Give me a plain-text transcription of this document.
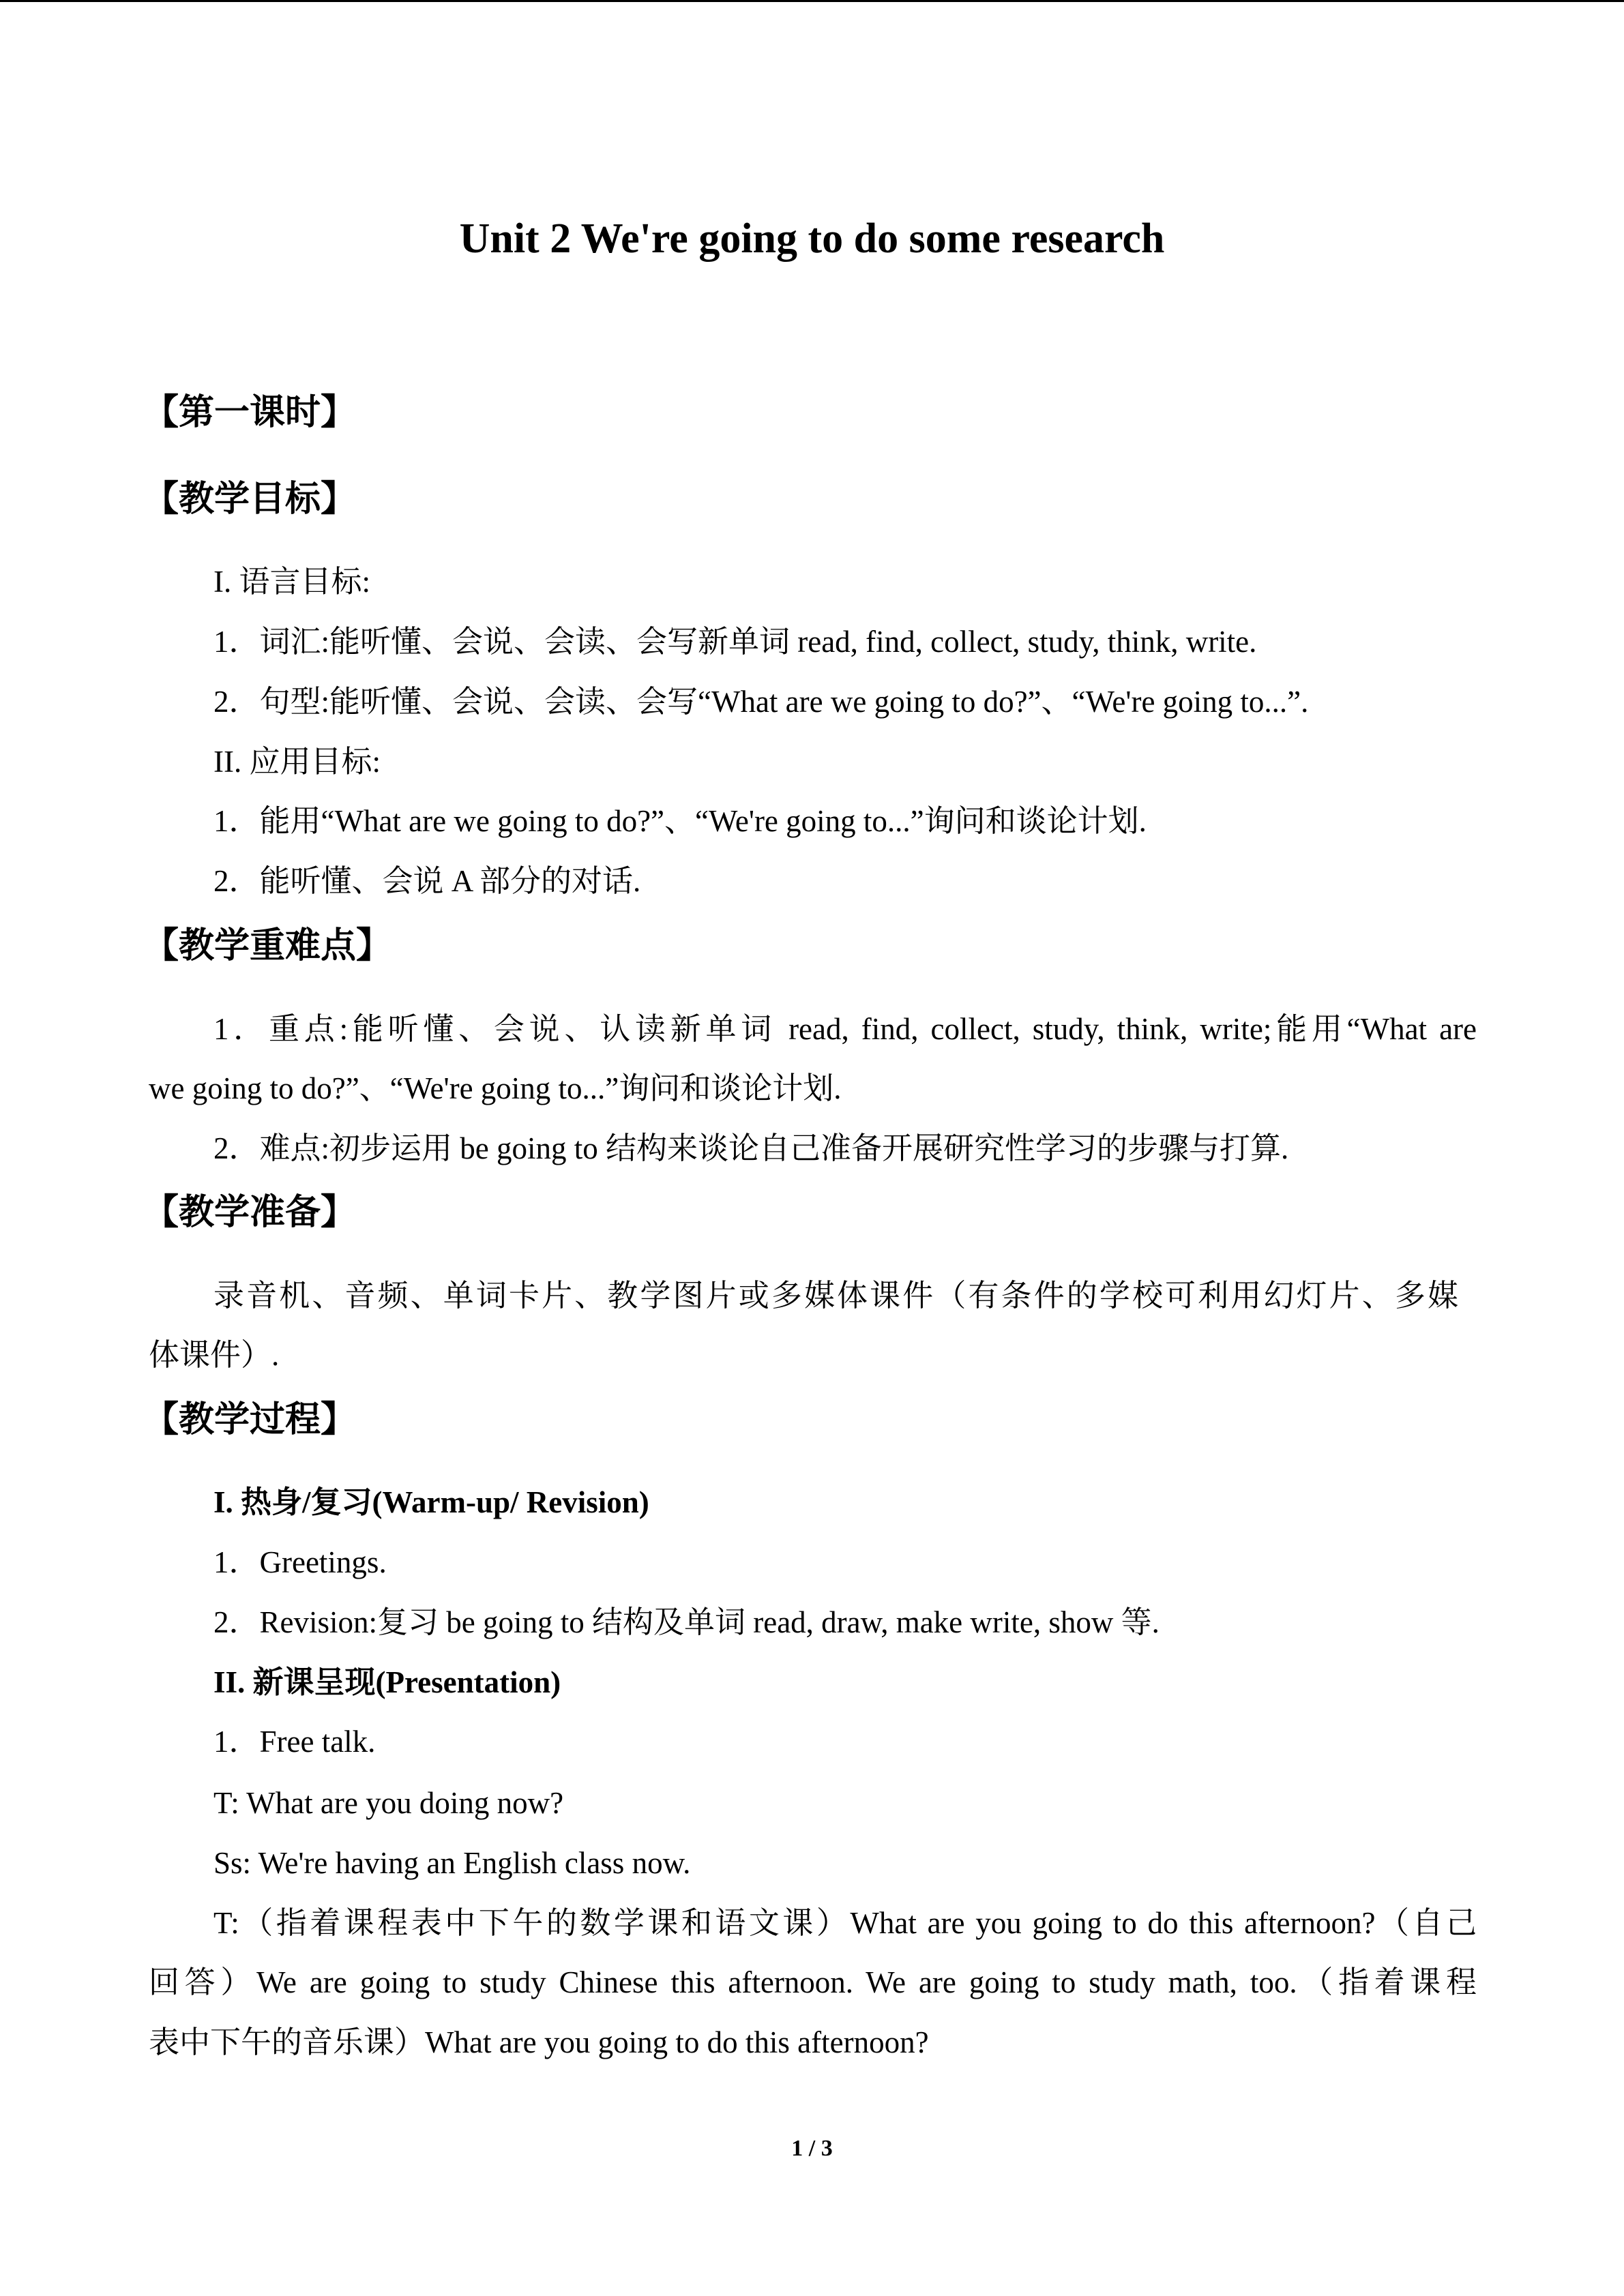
Unit 2 We're going to do some research
【第一课时】
【教学目标】
I. 语言目标:
1．词汇:能听懂、会说、会读、会写新单词 read, find, collect, study, think, write.
2．句型:能听懂、会说、会读、会写“What are we going to do?”、“We're going to...”.
II. 应用目标:
1．能用“What are we going to do?”、“We're going to...”询问和谈论计划.
2．能听懂、会说 A 部分的对话.
【教学重难点】
1．重点:能听懂、会说、认读新单词 read, find, collect, study, think, write;能用“What are
we going to do?”、“We're going to...”询问和谈论计划.
2．难点:初步运用 be going to 结构来谈论自己准备开展研究性学习的步骤与打算.
【教学准备】
录音机、音频、单词卡片、教学图片或多媒体课件（有条件的学校可利用幻灯片、多媒
体课件）.
【教学过程】
I. 热身/复习(Warm-up/ Revision)
1．Greetings.
2．Revision:复习 be going to 结构及单词 read, draw, make write, show 等.
II. 新课呈现(Presentation)
1．Free talk.
T: What are you doing now?
Ss: We're having an English class now.
T:（指着课程表中下午的数学课和语文课）What are you going to do this afternoon?（自己
回答）We are going to study Chinese this afternoon. We are going to study math, too.（指着课程
表中下午的音乐课）What are you going to do this afternoon?
1 / 3
